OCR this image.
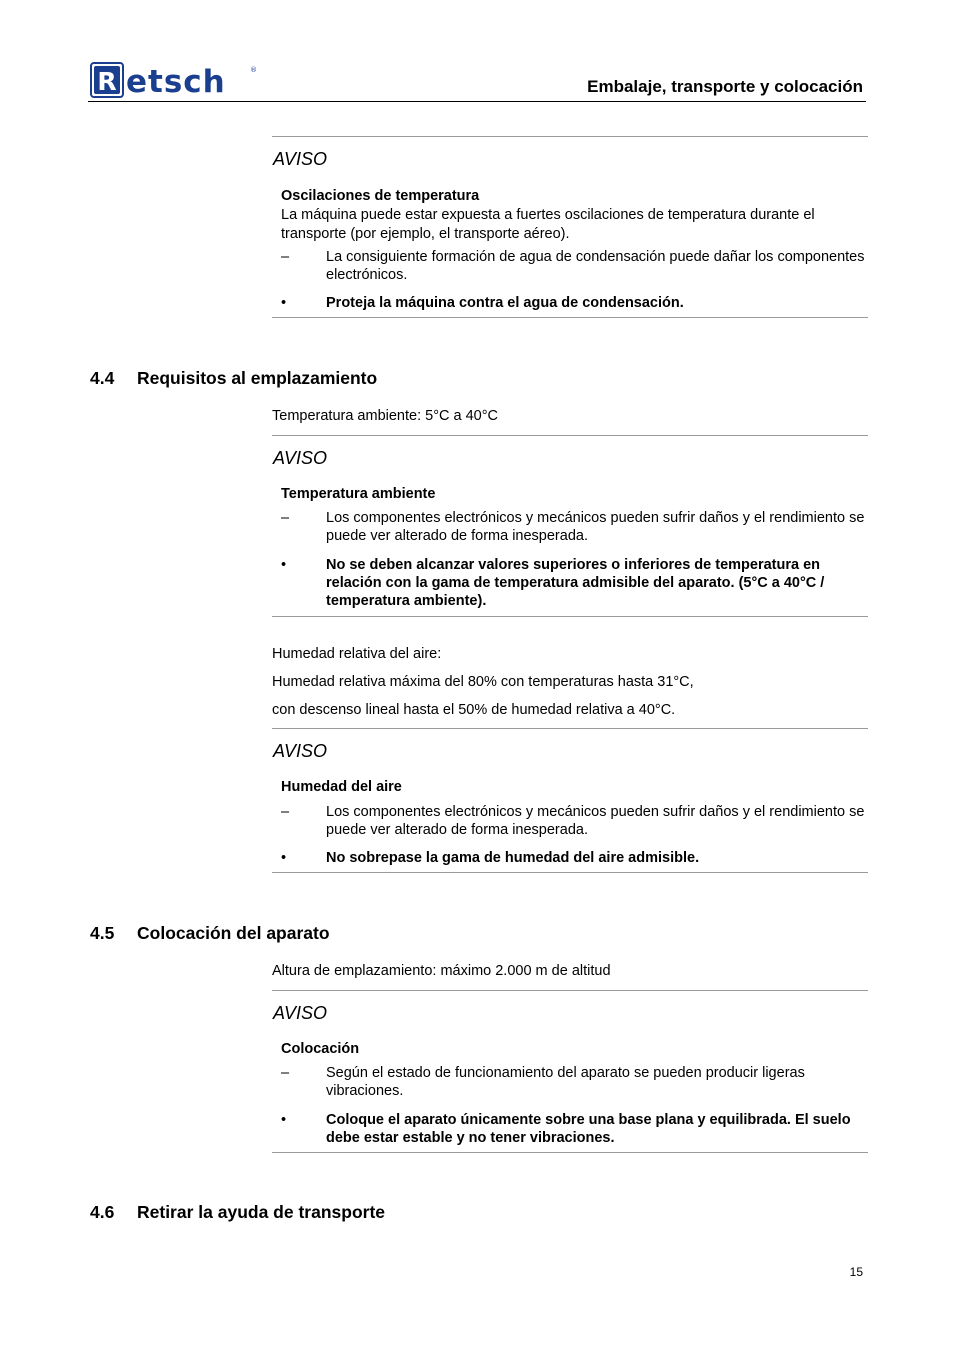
R etsch	®
Embalaje, transporte y colocación
AVISO
Oscilaciones de temperatura
La máquina puede estar expuesta a fuertes oscilaciones de temperatura durante el transporte (por ejemplo, el transporte aéreo).
–	La consiguiente formación de agua de condensación puede dañar los componentes electrónicos.
•	Proteja la máquina contra el agua de condensación.
4.4 Requisitos al emplazamiento
Temperatura ambiente: 5°C a 40°C
AVISO
Temperatura ambiente
–	Los componentes electrónicos y mecánicos pueden sufrir daños y el rendimiento se puede ver alterado de forma inesperada.
•	No se deben alcanzar valores superiores o inferiores de temperatura en relación con la gama de temperatura admisible del aparato. (5°C a 40°C / temperatura ambiente).
Humedad relativa del aire:
Humedad relativa máxima del 80% con temperaturas hasta 31°C,
con descenso lineal hasta el 50% de humedad relativa a 40°C.
AVISO
Humedad del aire
–	Los componentes electrónicos y mecánicos pueden sufrir daños y el rendimiento se puede ver alterado de forma inesperada.
•	No sobrepase la gama de humedad del aire admisible.
4.5 Colocación del aparato
Altura de emplazamiento: máximo 2.000 m de altitud
AVISO
Colocación
–	Según el estado de funcionamiento del aparato se pueden producir ligeras vibraciones.
•	Coloque el aparato únicamente sobre una base plana y equilibrada. El suelo debe estar estable y no tener vibraciones.
4.6 Retirar la ayuda de transporte
15
